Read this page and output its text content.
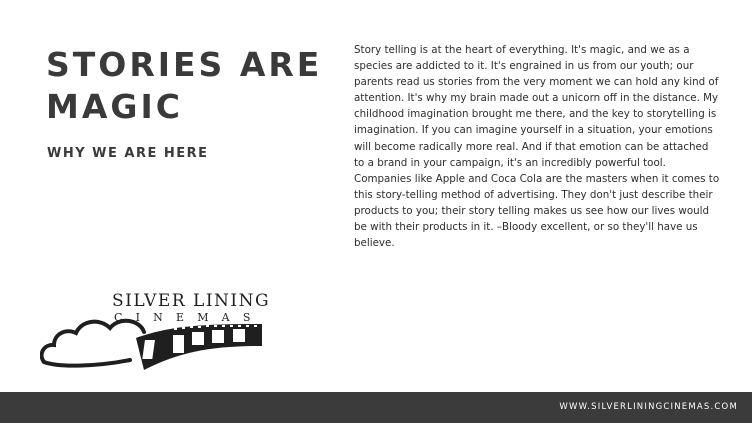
STORIES ARE MAGIC
WHY WE ARE HERE

Story telling is at the heart of everything. It's magic, and we as a species are addicted to it. It's engrained in us from our youth; our parents read us stories from the very moment we can hold any kind of attention. It's why my brain made out a unicorn off in the distance. My childhood imagination brought me there, and the key to storytelling is imagination. If you can imagine yourself in a situation, your emotions will become radically more real. And if that emotion can be attached to a brand in your campaign, it's an incredibly powerful tool. Companies like Apple and Coca Cola are the masters when it comes to this story-telling method of advertising. They don't just describe their products to you; their story telling makes us see how our lives would be with their products in it. –Bloody excellent, or so they'll have us believe.

SILVER LINING
CINEMAS
WWW.SILVERLININGCINEMAS.COM
